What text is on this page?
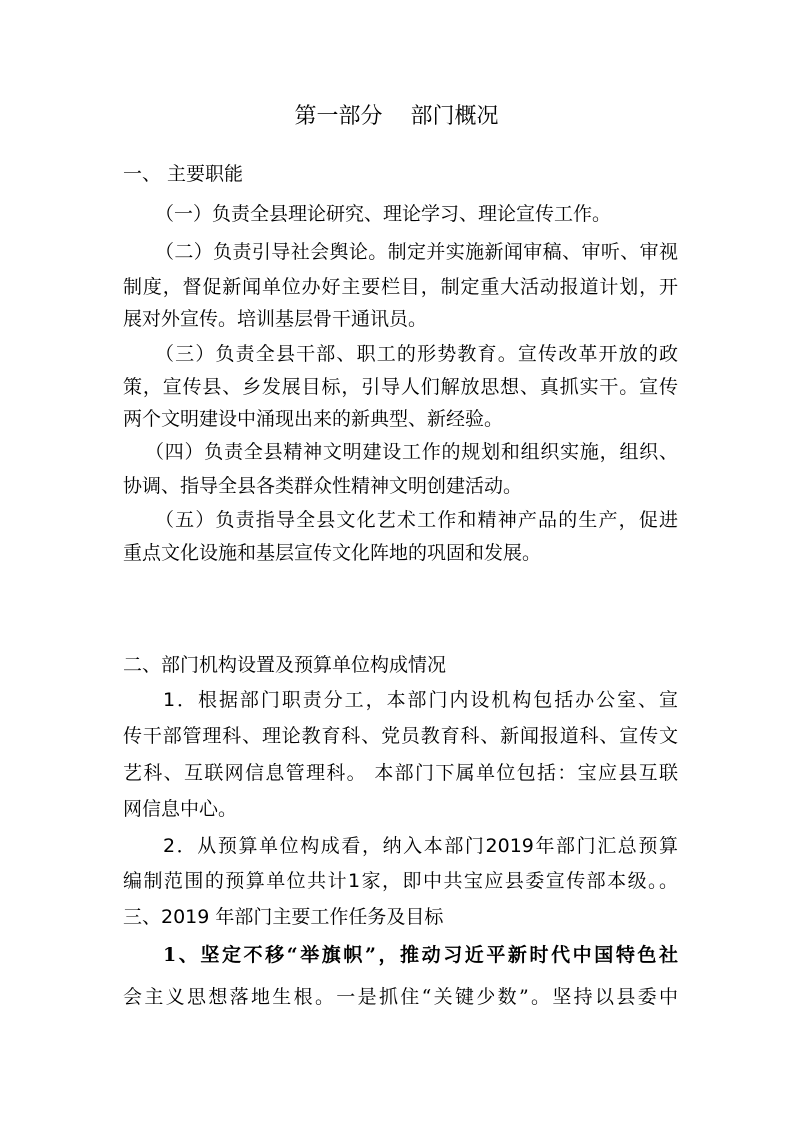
第一部分    部门概况
一、 主要职能
（一）负责全县理论研究、理论学习、理论宣传工作。
（二）负责引导社会舆论。制定并实施新闻审稿、审听、审视
制度，督促新闻单位办好主要栏目，制定重大活动报道计划，开
展对外宣传。培训基层骨干通讯员。
（三）负责全县干部、职工的形势教育。宣传改革开放的政
策，宣传县、乡发展目标，引导人们解放思想、真抓实干。宣传
两个文明建设中涌现出来的新典型、新经验。
（四）负责全县精神文明建设工作的规划和组织实施，组织、
协调、指导全县各类群众性精神文明创建活动。
（五）负责指导全县文化艺术工作和精神产品的生产，促进
重点文化设施和基层宣传文化阵地的巩固和发展。
二、部门机构设置及预算单位构成情况
1．根据部门职责分工，本部门内设机构包括办公室、宣
传干部管理科、理论教育科、党员教育科、新闻报道科、宣传文
艺科、互联网信息管理科。 本部门下属单位包括：宝应县互联
网信息中心。
2．从预算单位构成看，纳入本部门2019年部门汇总预算
编制范围的预算单位共计1家，即中共宝应县委宣传部本级。。
三、2019 年部门主要工作任务及目标
1、坚定不移“举旗帜”，推动习近平新时代中国特色社
会主义思想落地生根。一是抓住“关键少数”。坚持以县委中
